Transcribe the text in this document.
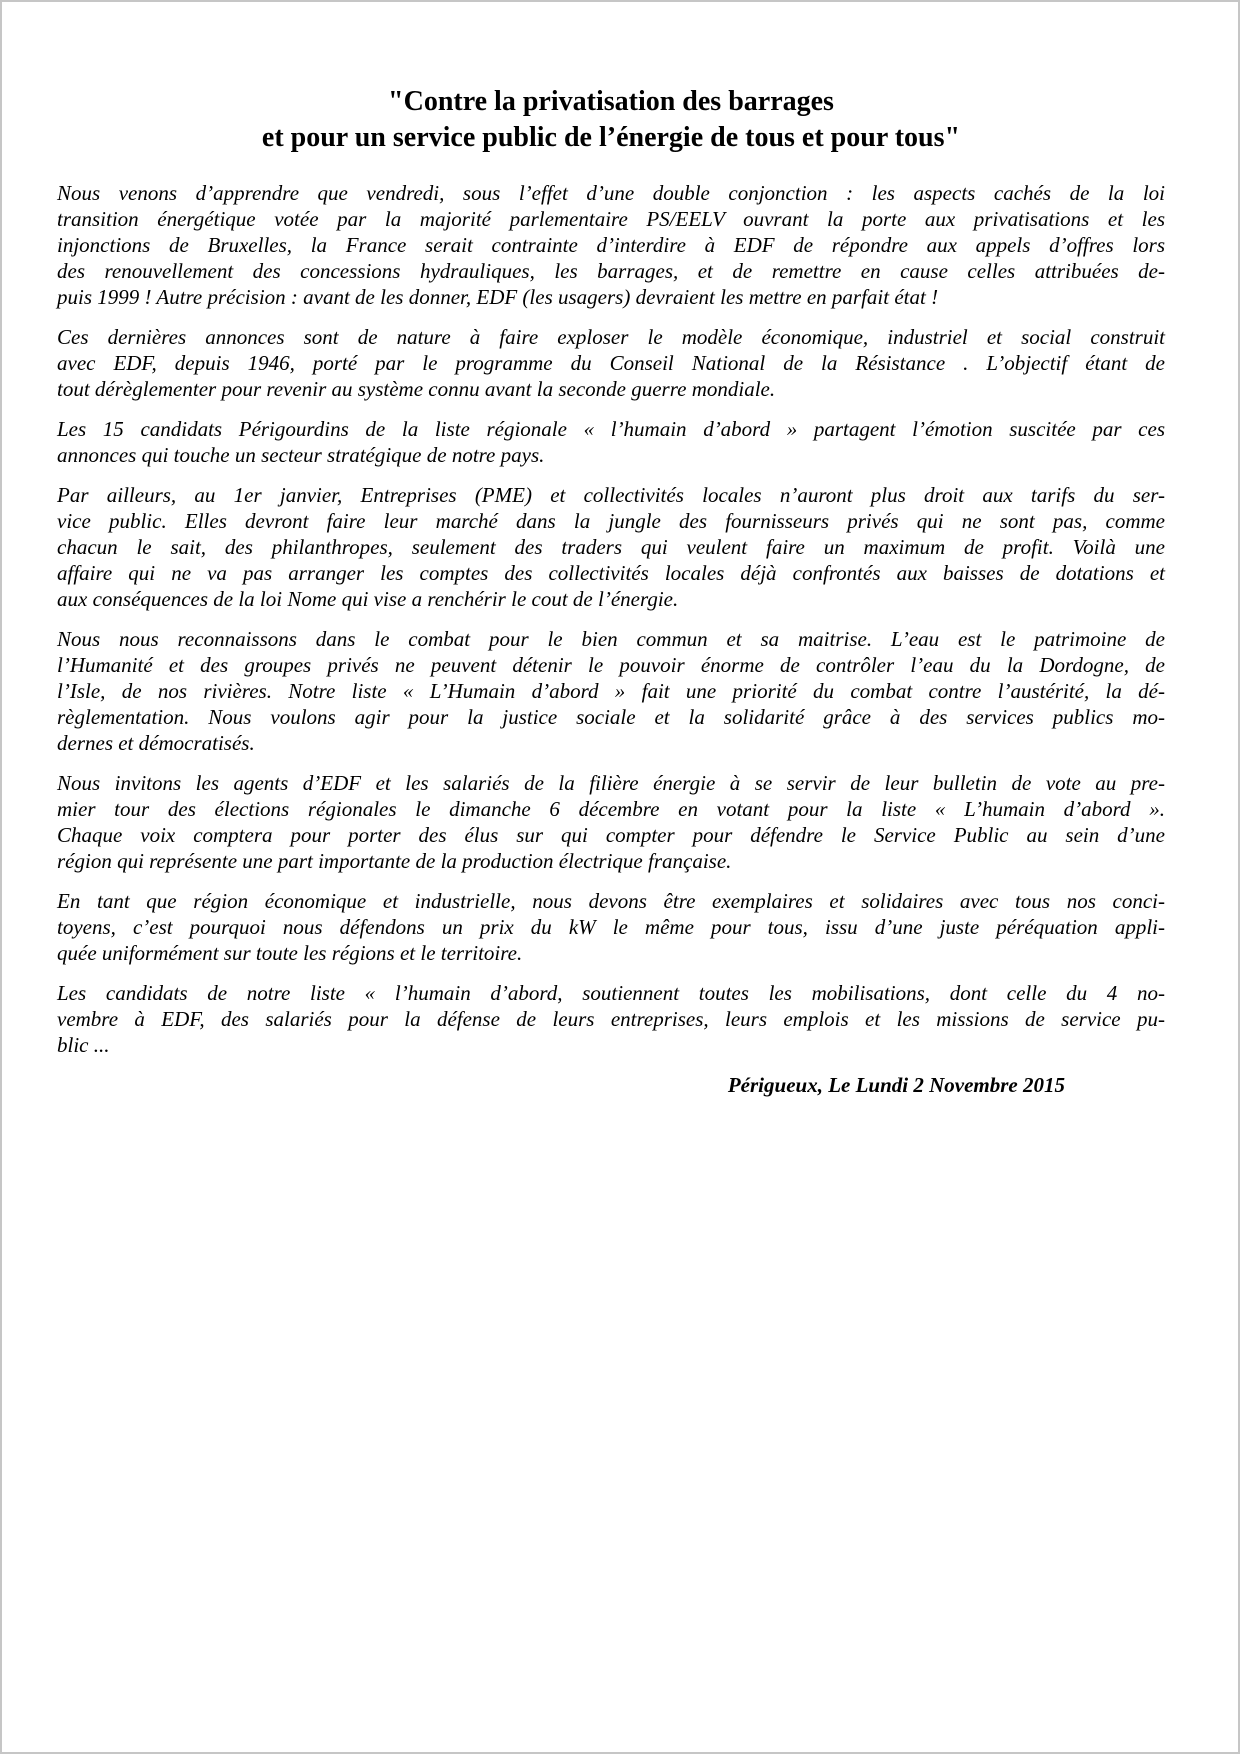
"Contre la privatisation des barrages
et pour un service public de l’énergie de tous et pour tous"
Nous venons d’apprendre que vendredi, sous l’effet d’une double conjonction : les aspects cachés de la loi
transition énergétique votée par la majorité parlementaire PS/EELV ouvrant la porte aux privatisations et les
injonctions de Bruxelles, la France serait contrainte d’interdire à EDF de répondre aux appels d’offres lors
des renouvellement des concessions hydrauliques, les barrages, et de remettre en cause celles attribuées de-
puis 1999 ! Autre précision : avant de les donner, EDF (les usagers) devraient les mettre en parfait état !
Ces dernières annonces sont de nature à faire exploser le modèle économique, industriel et social construit
avec EDF, depuis 1946, porté par le programme du Conseil National de la Résistance . L’objectif étant de
tout dérèglementer pour revenir au système connu avant la seconde guerre mondiale.
Les 15 candidats Périgourdins de la liste régionale « l’humain d’abord » partagent l’émotion suscitée par ces
annonces qui touche un secteur stratégique de notre pays.
Par ailleurs, au 1er janvier, Entreprises (PME) et collectivités locales n’auront plus droit aux tarifs du ser-
vice public. Elles devront faire leur marché dans la jungle des fournisseurs privés qui ne sont pas, comme
chacun le sait, des philanthropes, seulement des traders qui veulent faire un maximum de profit. Voilà une
affaire qui ne va pas arranger les comptes des collectivités locales déjà confrontés aux baisses de dotations et
aux conséquences de la loi Nome qui vise a renchérir le cout de l’énergie.
Nous nous reconnaissons dans le combat pour le bien commun et sa maitrise. L’eau est le patrimoine de
l’Humanité et des groupes privés ne peuvent détenir le pouvoir énorme de contrôler l’eau du la Dordogne, de
l’Isle, de nos rivières. Notre liste « L’Humain d’abord » fait une priorité du combat contre l’austérité, la dé-
règlementation. Nous voulons agir pour la justice sociale et la solidarité grâce à des services publics mo-
dernes et démocratisés.
Nous invitons les agents d’EDF et les salariés de la filière énergie à se servir de leur bulletin de vote au pre-
mier tour des élections régionales le dimanche 6 décembre en votant pour la liste « L’humain d’abord ».
Chaque voix comptera pour porter des élus sur qui compter pour défendre le Service Public au sein d’une
région qui représente une part importante de la production électrique française.
En tant que région économique et industrielle, nous devons être exemplaires et solidaires avec tous nos conci-
toyens, c’est pourquoi nous défendons un prix du kW le même pour tous, issu d’une juste péréquation appli-
quée uniformément sur toute les régions et le territoire.
Les candidats de notre liste « l’humain d’abord, soutiennent toutes les mobilisations, dont celle du 4 no-
vembre à EDF, des salariés pour la défense de leurs entreprises, leurs emplois et les missions de service pu-
blic ...
Périgueux, Le Lundi 2 Novembre 2015
